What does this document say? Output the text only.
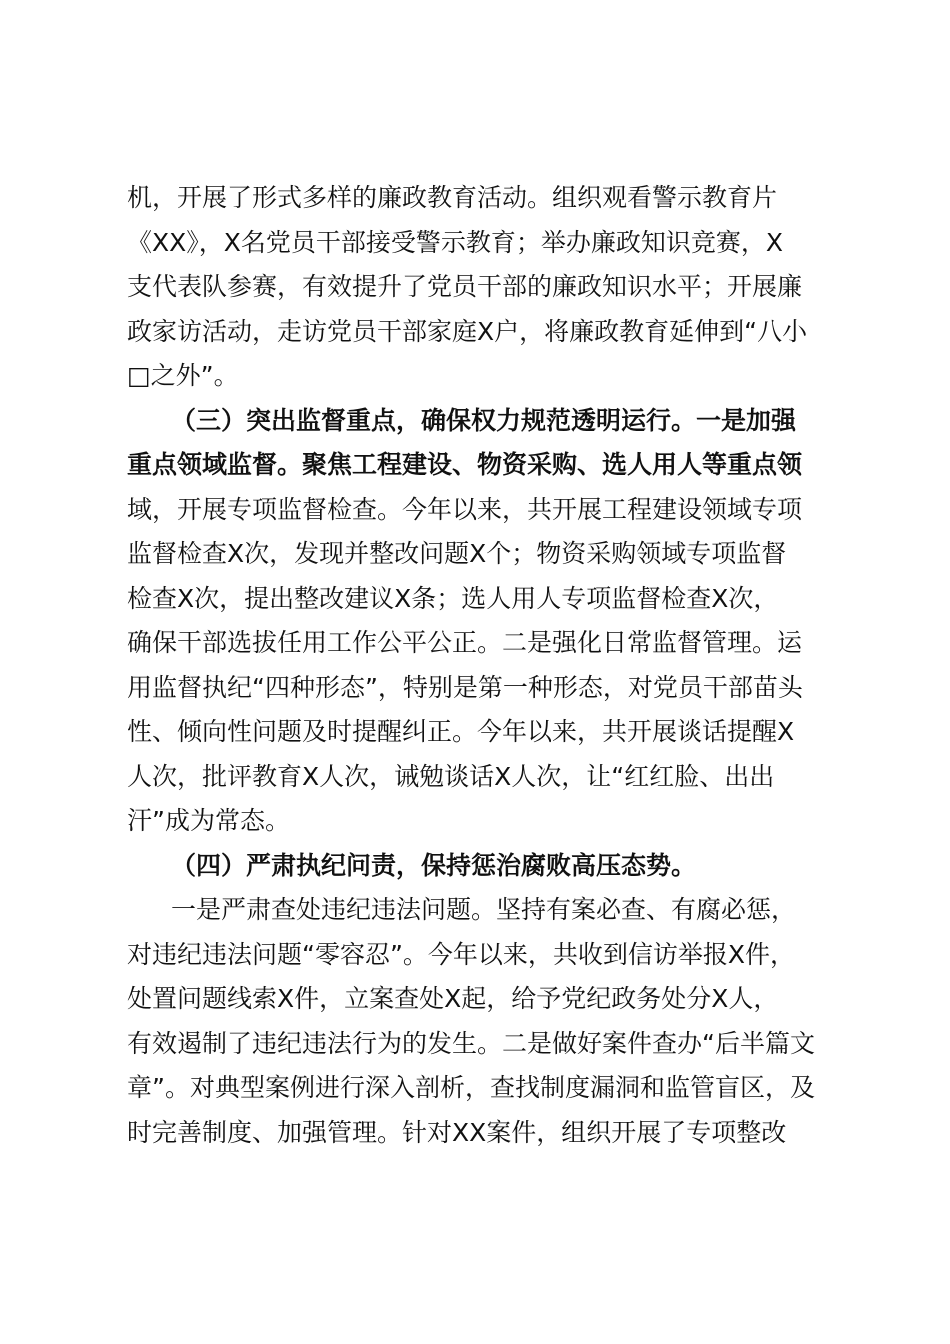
机，开展了形式多样的廉政教育活动。组织观看警示教育片
《XX》，X名党员干部接受警示教育；举办廉政知识竞赛，X
支代表队参赛，有效提升了党员干部的廉政知识水平；开展廉
政家访活动，走访党员干部家庭X户，将廉政教育延伸到“八小
□之外”。
（三）突出监督重点，确保权力规范透明运行。一是加强
重点领域监督。聚焦工程建设、物资采购、选人用人等重点领
域，开展专项监督检查。今年以来，共开展工程建设领域专项
监督检查X次，发现并整改问题X个；物资采购领域专项监督
检查X次，提出整改建议X条；选人用人专项监督检查X次，
确保干部选拔任用工作公平公正。二是强化日常监督管理。运
用监督执纪“四种形态”，特别是第一种形态，对党员干部苗头
性、倾向性问题及时提醒纠正。今年以来，共开展谈话提醒X
人次，批评教育X人次，诫勉谈话X人次，让“红红脸、出出
汗”成为常态。
（四）严肃执纪问责，保持惩治腐败高压态势。
一是严肃查处违纪违法问题。坚持有案必查、有腐必惩，
对违纪违法问题“零容忍”。今年以来，共收到信访举报X件，
处置问题线索X件，立案查处X起，给予党纪政务处分X人，
有效遏制了违纪违法行为的发生。二是做好案件查办“后半篇文
章”。对典型案例进行深入剖析，查找制度漏洞和监管盲区，及
时完善制度、加强管理。针对XX案件，组织开展了专项整改
